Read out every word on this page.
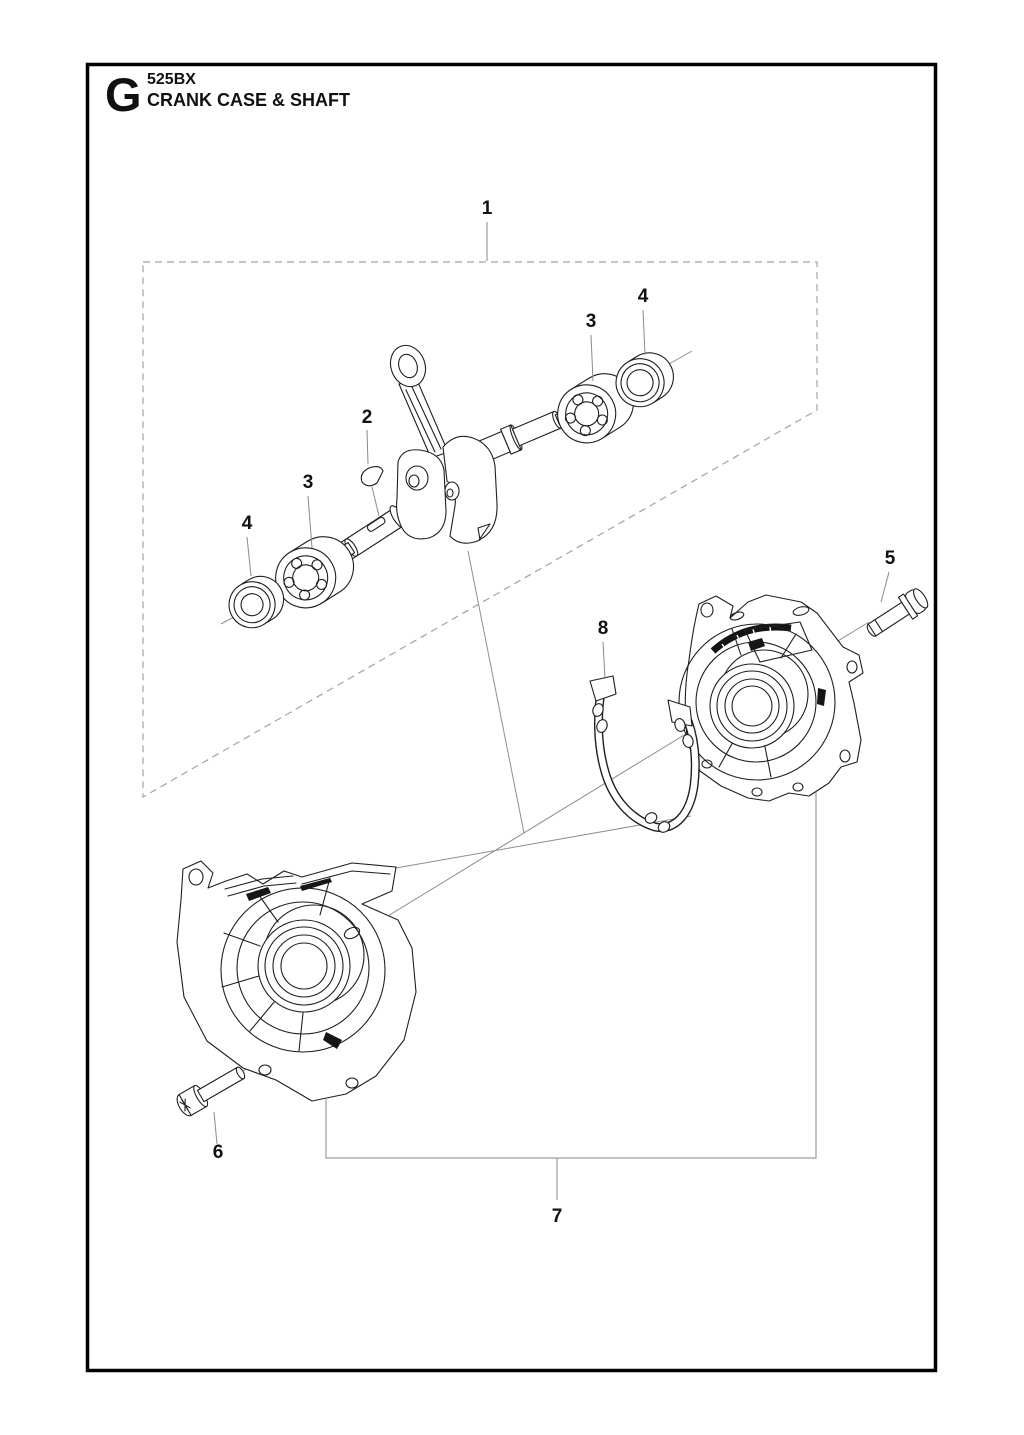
1
2
3
4
3
4
5
6
7
8
G 525BX
CRANK CASE & SHAFT
